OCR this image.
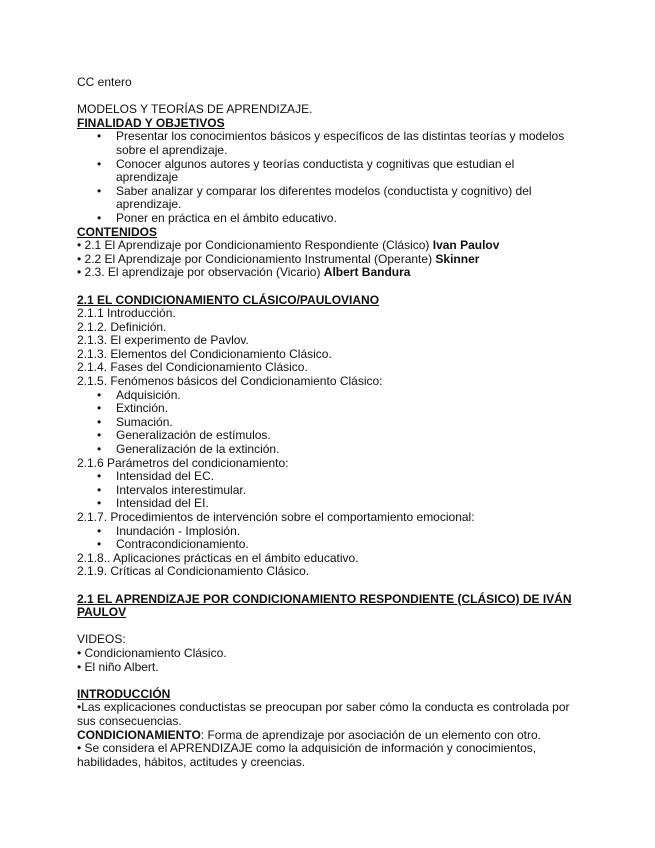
CC entero

MODELOS Y TEORÍAS DE APRENDIZAJE.

FINALIDAD Y OBJETIVOS

• Presentar los conocimientos básicos y específicos de las distintas teorías y modelos sobre el aprendizaje.
• Conocer algunos autores y teorías conductista y cognitivas que estudian el aprendizaje
• Saber analizar y comparar los diferentes modelos (conductista y cognitivo) del aprendizaje.
• Poner en práctica en el ámbito educativo.

CONTENIDOS

• 2.1 El Aprendizaje por Condicionamiento Respondiente (Clásico) Ivan Paulov

• 2.2 El Aprendizaje por Condicionamiento Instrumental (Operante) Skinner

• 2.3. El aprendizaje por observación (Vicario) Albert Bandura

2.1 EL CONDICIONAMIENTO CLÁSICO/PAULOVIANO

2.1.1 Introducción.

2.1.2. Definición.

2.1.3. El experimento de Pavlov.

2.1.3. Elementos del Condicionamiento Clásico.

2.1.4. Fases del Condicionamiento Clásico.

2.1.5. Fenómenos básicos del Condicionamiento Clásico:

• Adquisición.
• Extinción.
• Sumación.
• Generalización de estímulos.
• Generalización de la extinción.

2.1.6 Parámetros del condicionamiento:

• Intensidad del EC.
• Intervalos interestimular.
• Intensidad del EI.

2.1.7. Procedimientos de intervención sobre el comportamiento emocional:

• Inundación - Implosión.
• Contracondicionamiento.

2.1.8.. Aplicaciones prácticas en el ámbito educativo.

2.1.9. Críticas al Condicionamiento Clásico.

2.1 EL APRENDIZAJE POR CONDICIONAMIENTO RESPONDIENTE (CLÁSICO) DE IVÁN PAULOV

VIDEOS:

• Condicionamiento Clásico.

• El niño Albert.

INTRODUCCIÓN

•Las explicaciones conductistas se preocupan por saber cómo la conducta es controlada por sus consecuencias.

CONDICIONAMIENTO: Forma de aprendizaje por asociación de un elemento con otro.

• Se considera el APRENDIZAJE como la adquisición de información y conocimientos, habilidades, hábitos, actitudes y creencias.
